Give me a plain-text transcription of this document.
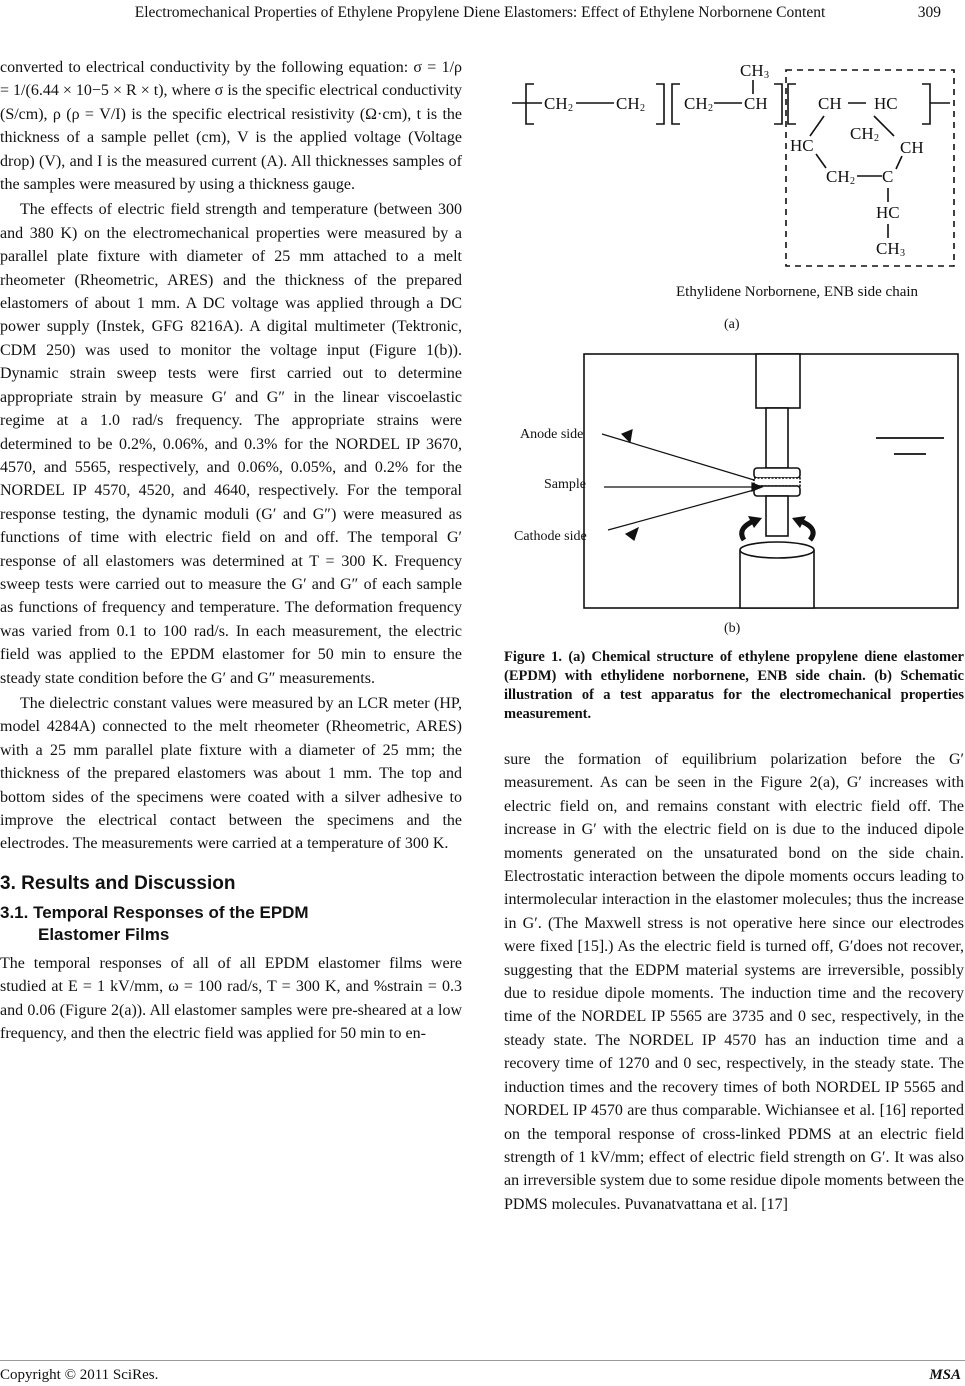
Electromechanical Properties of Ethylene Propylene Diene Elastomers: Effect of Ethylene Norbornene Content	309

converted to electrical conductivity by the following equation: σ = 1/ρ = 1/(6.44 × 10−5 × R × t), where σ is the specific electrical conductivity (S/cm), ρ (ρ = V/I) is the specific electrical resistivity (Ω·cm), t is the thickness of a sample pellet (cm), V is the applied voltage (Voltage drop) (V), and I is the measured current (A). All thicknesses samples of the samples were measured by using a thickness gauge.

The effects of electric field strength and temperature (between 300 and 380 K) on the electromechanical properties were measured by a parallel plate fixture with diameter of 25 mm attached to a melt rheometer (Rheometric, ARES) and the thickness of the prepared elastomers of about 1 mm. A DC voltage was applied through a DC power supply (Instek, GFG 8216A). A digital multimeter (Tektronic, CDM 250) was used to monitor the voltage input (Figure 1(b)). Dynamic strain sweep tests were first carried out to determine appropriate strain by measure G′ and G″ in the linear viscoelastic regime at a 1.0 rad/s frequency. The appropriate strains were determined to be 0.2%, 0.06%, and 0.3% for the NORDEL IP 3670, 4570, and 5565, respectively, and 0.06%, 0.05%, and 0.2% for the NORDEL IP 4570, 4520, and 4640, respectively. For the temporal response testing, the dynamic moduli (G′ and G″) were measured as functions of time with electric field on and off. The temporal G′ response of all elastomers was determined at T = 300 K. Frequency sweep tests were carried out to measure the G′ and G″ of each sample as functions of frequency and temperature. The deformation frequency was varied from 0.1 to 100 rad/s. In each measurement, the electric field was applied to the EPDM elastomer for 50 min to ensure the steady state condition before the G′ and G″ measurements.

The dielectric constant values were measured by an LCR meter (HP, model 4284A) connected to the melt rheometer (Rheometric, ARES) with a 25 mm parallel plate fixture with a diameter of 25 mm; the thickness of the prepared elastomers was about 1 mm. The top and bottom sides of the specimens were coated with a silver adhesive to improve the electrical contact between the specimens and the electrodes. The measurements were carried at a temperature of 300 K.

3. Results and Discussion
3.1. Temporal Responses of the EPDM
Elastomer Films

The temporal responses of all of all EPDM elastomer films were studied at E = 1 kV/mm, ω = 100 rad/s, T = 300 K, and %strain = 0.3 and 0.06 (Figure 2(a)). All elastomer samples were pre-sheared at a low frequency, and then the electric field was applied for 50 min to en-

CH 2	CH 2 CH 2 CH
CH 3
CH HC
HC
CH 2 CH
CH 2 C
HC
CH 3
Ethylidene Norbornene, ENB side chain
(a)
Anode side
Sample
Cathode side
(b)
Figure 1. (a) Chemical structure of ethylene propylene diene elastomer (EPDM) with ethylidene norbornene, ENB side chain. (b) Schematic illustration of a test apparatus for the electromechanical properties measurement.

sure the formation of equilibrium polarization before the G′ measurement. As can be seen in the Figure 2(a), G′ increases with electric field on, and remains constant with electric field off. The increase in G′ with the electric field on is due to the induced dipole moments generated on the unsaturated bond on the side chain. Electrostatic interaction between the dipole moments occurs leading to intermolecular interaction in the elastomer molecules; thus the increase in G′. (The Maxwell stress is not operative here since our electrodes were fixed [15].) As the electric field is turned off, G′does not recover, suggesting that the EDPM material systems are irreversible, possibly due to residue dipole moments. The induction time and the recovery time of the NORDEL IP 5565 are 3735 and 0 sec, respectively, in the steady state. The NORDEL IP 4570 has an induction time and a recovery time of 1270 and 0 sec, respectively, in the steady state. The induction times and the recovery times of both NORDEL IP 5565 and NORDEL IP 4570 are thus comparable. Wichiansee et al. [16] reported on the temporal response of cross-linked PDMS at an electric field strength of 1 kV/mm; effect of electric field strength on G′. It was also an irreversible system due to some residue dipole moments between the PDMS molecules. Puvanatvattana et al. [17]

Copyright © 2011 SciRes.	MSA
